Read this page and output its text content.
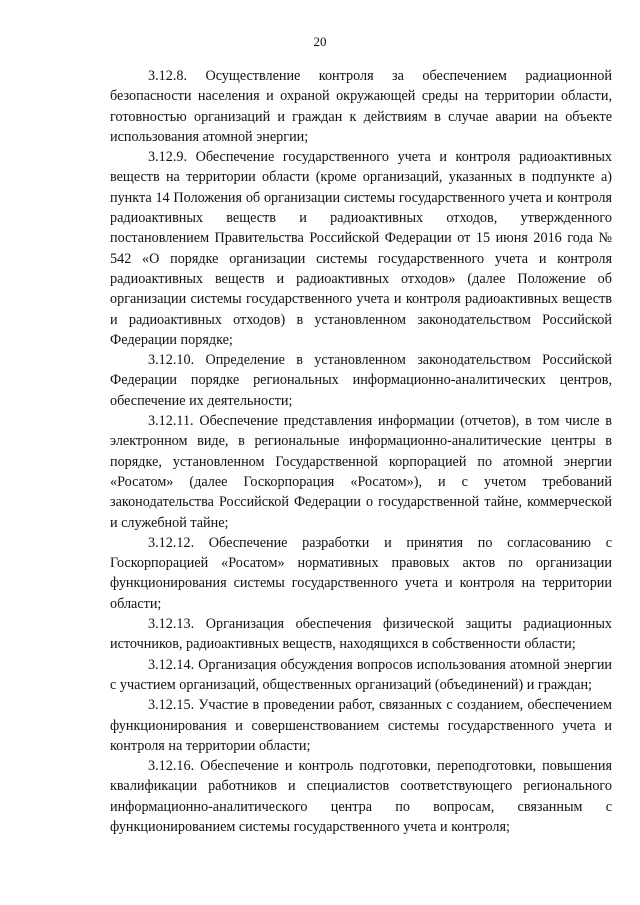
20

3.12.8. Осуществление контроля за обеспечением радиационной безопасности населения и охраной окружающей среды на территории области, готовностью организаций и граждан к действиям в случае аварии на объекте использования атомной энергии;

3.12.9. Обеспечение государственного учета и контроля радиоактивных веществ на территории области (кроме организаций, указанных в подпункте а) пункта 14 Положения об организации системы государственного учета и контроля радиоактивных веществ и радиоактивных отходов, утвержденного постановлением Правительства Российской Федерации от 15 июня 2016 года № 542 «О порядке организации системы государственного учета и контроля радиоактивных веществ и радиоактивных отходов» (далее Положение об организации системы государственного учета и контроля радиоактивных веществ и радиоактивных отходов) в установленном законодательством Российской Федерации порядке;

3.12.10. Определение в установленном законодательством Российской Федерации порядке региональных информационно-аналитических центров, обеспечение их деятельности;

3.12.11. Обеспечение представления информации (отчетов), в том числе в электронном виде, в региональные информационно-аналитические центры в порядке, установленном Государственной корпорацией по атомной энергии «Росатом» (далее Госкорпорация «Росатом»), и с учетом требований законодательства Российской Федерации о государственной тайне, коммерческой и служебной тайне;

3.12.12. Обеспечение разработки и принятия по согласованию с Госкорпорацией «Росатом» нормативных правовых актов по организации функционирования системы государственного учета и контроля на территории области;

3.12.13. Организация обеспечения физической защиты радиационных источников, радиоактивных веществ, находящихся в собственности области;

3.12.14. Организация обсуждения вопросов использования атомной энергии с участием организаций, общественных организаций (объединений) и граждан;

3.12.15. Участие в проведении работ, связанных с созданием, обеспечением функционирования и совершенствованием системы государственного учета и контроля на территории области;

3.12.16. Обеспечение и контроль подготовки, переподготовки, повышения квалификации работников и специалистов соответствующего регионального информационно-аналитического центра по вопросам, связанным с функционированием системы государственного учета и контроля;
